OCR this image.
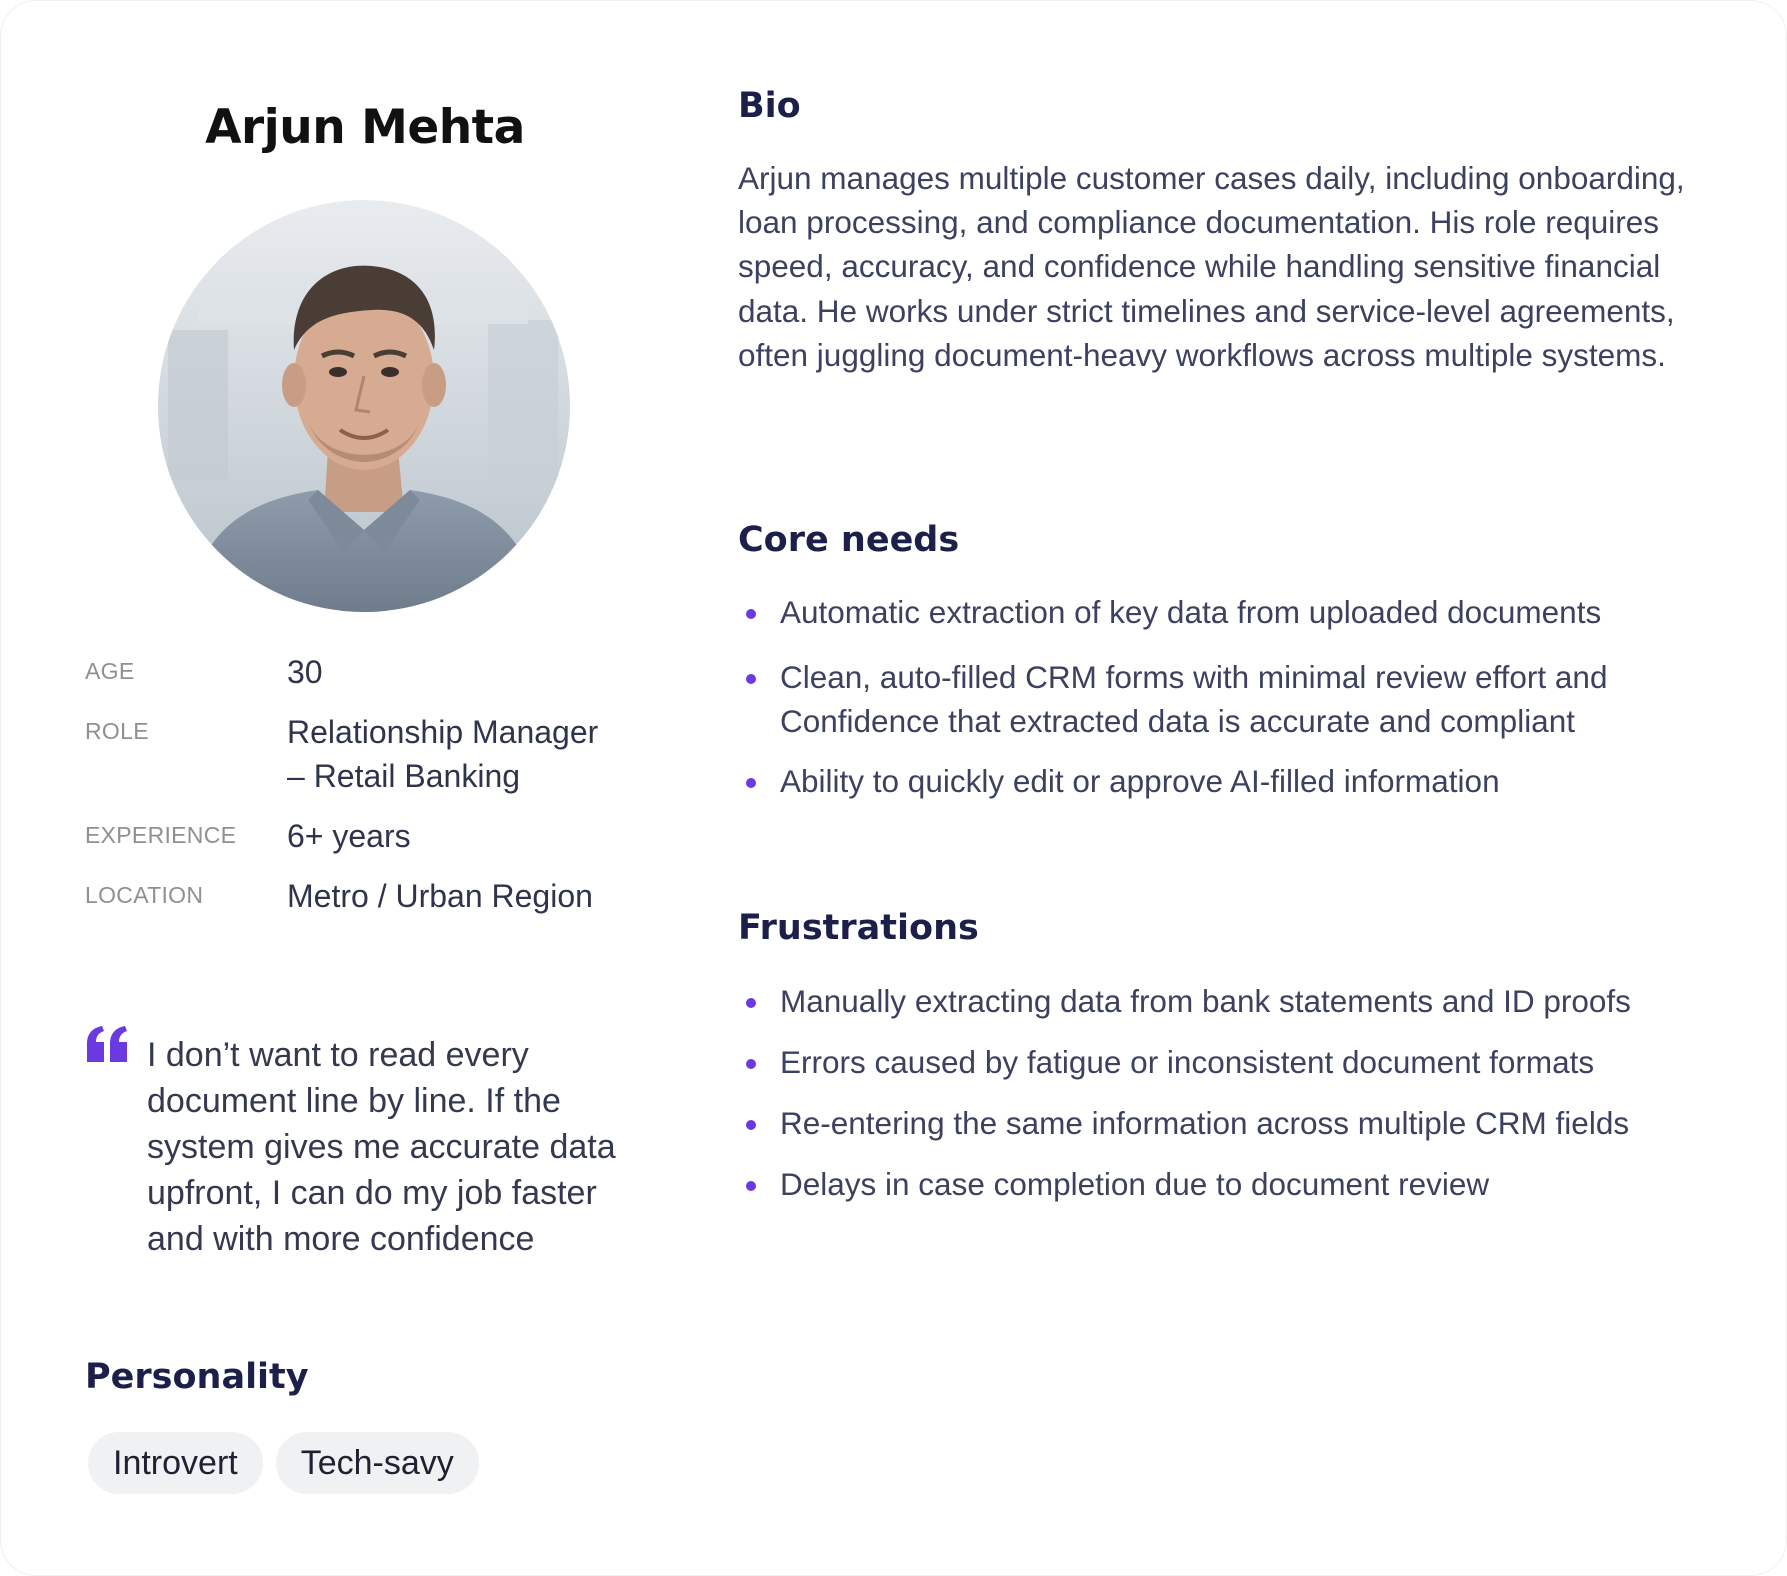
Arjun Mehta
AGE	30
ROLE	Relationship Manager
– Retail Banking
EXPERIENCE	6+ years
LOCATION	Metro / Urban Region

I don’t want to read every document line by line. If the system gives me accurate data upfront, I can do my job faster and with more confidence

Personality
Introvert	Tech-savy
Bio

Arjun manages multiple customer cases daily, including onboarding, loan processing, and compliance documentation. His role requires speed, accuracy, and confidence while handling sensitive financial data. He works under strict timelines and service-level agreements, often juggling document-heavy workflows across multiple systems.

Core needs
Automatic extraction of key data from uploaded documents
Clean, auto-filled CRM forms with minimal review effort and Confidence that extracted data is accurate and compliant
Ability to quickly edit or approve AI-filled information
Frustrations
Manually extracting data from bank statements and ID proofs
Errors caused by fatigue or inconsistent document formats
Re-entering the same information across multiple CRM fields
Delays in case completion due to document review
